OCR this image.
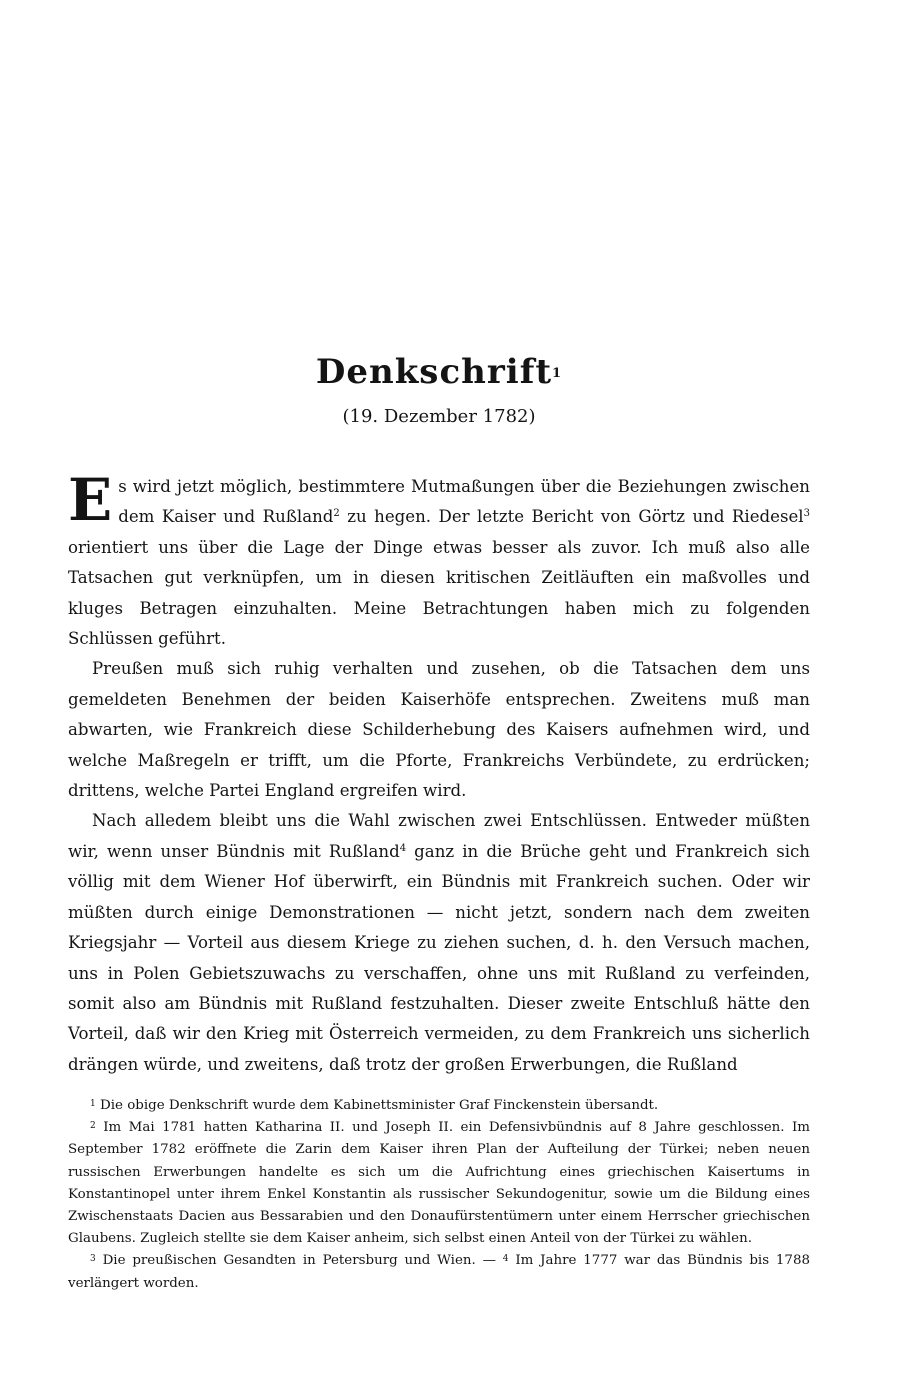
Denkschrift$^1$
(19. Dezember 1782)

Es wird jetzt möglich, bestimmtere Mutmaßungen über die Beziehungen zwischen dem Kaiser und Rußland$^2$ zu hegen. Der letzte Bericht von Görtz und Riedesel$^3$ orientiert uns über die Lage der Dinge etwas besser als zuvor. Ich muß also alle Tatsachen gut verknüpfen, um in diesen kritischen Zeitläuften ein maßvolles und kluges Betragen einzuhalten. Meine Betrachtungen haben mich zu folgenden Schlüssen geführt.

Preußen muß sich ruhig verhalten und zusehen, ob die Tatsachen dem uns gemeldeten Benehmen der beiden Kaiserhöfe entsprechen. Zweitens muß man abwarten, wie Frankreich diese Schilderhebung des Kaisers aufnehmen wird, und welche Maßregeln er trifft, um die Pforte, Frankreichs Verbündete, zu erdrücken; drittens, welche Partei England ergreifen wird.

Nach alledem bleibt uns die Wahl zwischen zwei Entschlüssen. Entweder müßten wir, wenn unser Bündnis mit Rußland$^4$ ganz in die Brüche geht und Frankreich sich völlig mit dem Wiener Hof überwirft, ein Bündnis mit Frankreich suchen. Oder wir müßten durch einige Demonstrationen — nicht jetzt, sondern nach dem zweiten Kriegsjahr — Vorteil aus diesem Kriege zu ziehen suchen, d. h. den Versuch machen, uns in Polen Gebietszuwachs zu verschaffen, ohne uns mit Rußland zu verfeinden, somit also am Bündnis mit Rußland festzuhalten. Dieser zweite Entschluß hätte den Vorteil, daß wir den Krieg mit Österreich vermeiden, zu dem Frankreich uns sicherlich drängen würde, und zweitens, daß trotz der großen Erwerbungen, die Rußland

$^1$ Die obige Denkschrift wurde dem Kabinettsminister Graf Finckenstein übersandt.

$^2$ Im Mai 1781 hatten Katharina II. und Joseph II. ein Defensivbündnis auf 8 Jahre geschlossen. Im September 1782 eröffnete die Zarin dem Kaiser ihren Plan der Aufteilung der Türkei; neben neuen russischen Erwerbungen handelte es sich um die Aufrichtung eines griechischen Kaisertums in Konstantinopel unter ihrem Enkel Konstantin als russischer Sekundogenitur, sowie um die Bildung eines Zwischenstaats Dacien aus Bessarabien und den Donaufürstentümern unter einem Herrscher griechischen Glaubens. Zugleich stellte sie dem Kaiser anheim, sich selbst einen Anteil von der Türkei zu wählen.

$^3$ Die preußischen Gesandten in Petersburg und Wien. — $^4$ Im Jahre 1777 war das Bündnis bis 1788 verlängert worden.
